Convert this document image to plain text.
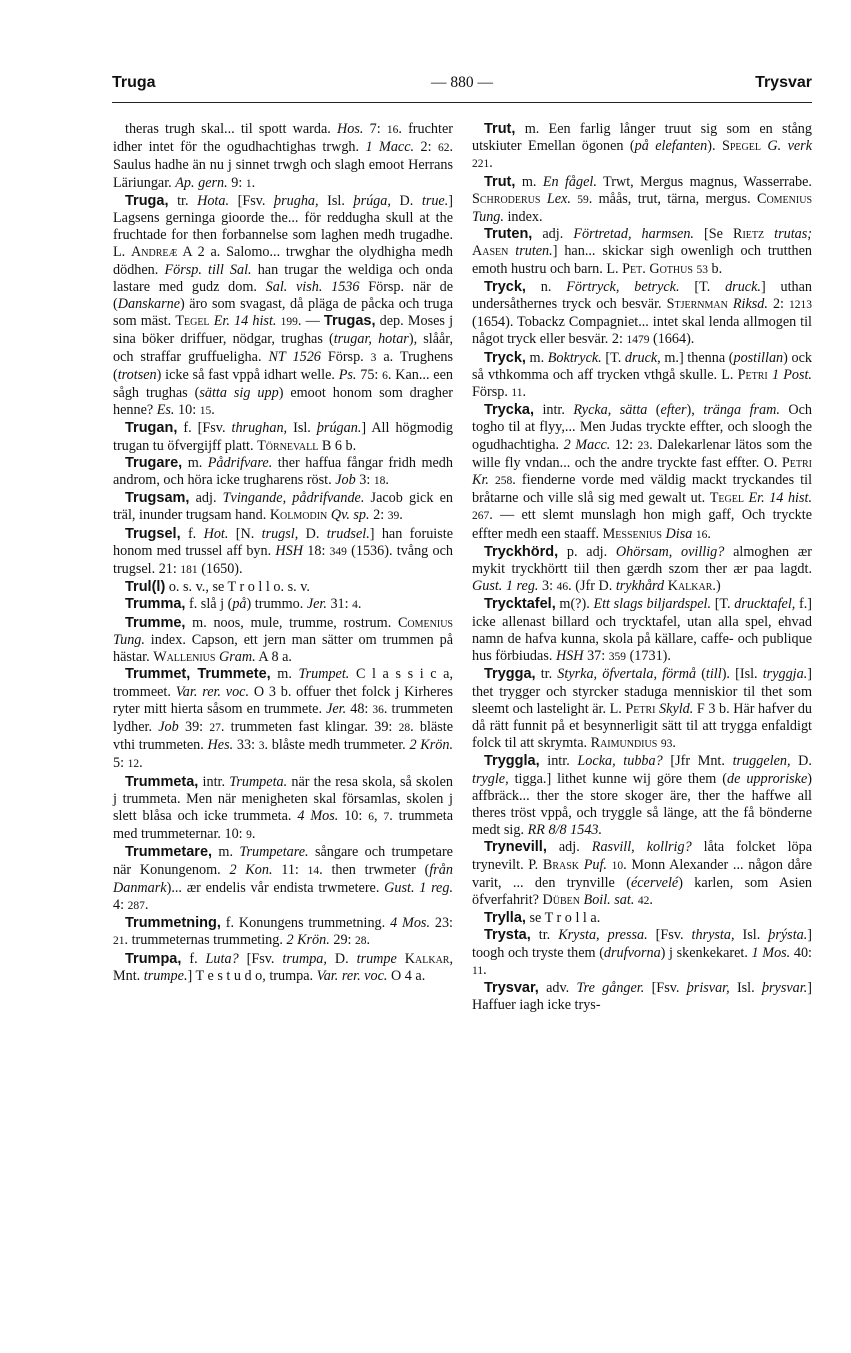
Truga	— 880 —	Trysvar

theras trugh skal... til spott warda. Hos. 7: 16. fruchter idher intet för the ogudhachtighas trwgh. 1 Macc. 2: 62. Saulus hadhe än nu j sinnet trwgh och slagh emoot Herrans Läriungar. Ap. gern. 9: 1.

Truga, tr. Hota. [Fsv. þrugha, Isl. þrúga, D. true.] Lagsens gerninga gioorde the... för reddugha skull at the fruchtade for then forbannelse som laghen medh trugadhe. L. Andreæ A 2 a. Salomo... trwghar the olydhigha medh dödhen. Försp. till Sal. han trugar the weldiga och onda lastare med gudz dom. Sal. vish. 1536 Försp. när de (Danskarne) äro som svagast, då pläga de påcka och truga som mäst. Tegel Er. 14 hist. 199. — Trugas, dep. Moses j sina böker driffuer, nödgar, trughas (trugar, hotar), slåår, och straffar gruffueligha. NT 1526 Försp. 3 a. Trughens (trotsen) icke så fast vppå idhart welle. Ps. 75: 6. Kan... een sågh trughas (sätta sig upp) emoot honom som dragher henne? Es. 10: 15.

Trugan, f. [Fsv. thrughan, Isl. þrúgan.] All högmodig trugan tu öfvergijff platt. Törnevall B 6 b.

Trugare, m. Pådrifvare. ther haffua fångar fridh medh androm, och höra icke trugharens röst. Job 3: 18.

Trugsam, adj. Tvingande, pådrifvande. Jacob gick en träl, inunder trugsam hand. Kolmodin Qv. sp. 2: 39.

Trugsel, f. Hot. [N. trugsl, D. trudsel.] han foruiste honom med trussel aff byn. HSH 18: 349 (1536). tvång och trugsel. 21: 181 (1650).

Trul(l) o. s. v., se T r o l l o. s. v.

Trumma, f. slå j (på) trummo. Jer. 31: 4.

Trumme, m. noos, mule, trumme, rostrum. Comenius Tung. index. Capson, ett jern man sätter om trummen på hästar. Wallenius Gram. A 8 a.

Trummet, Trummete, m. Trumpet. C l a s s i c a, trommeet. Var. rer. voc. O 3 b. offuer thet folck j Kirheres ryter mitt hierta såsom en trummete. Jer. 48: 36. trummeten lydher. Job 39: 27. trummeten fast klingar. 39: 28. bläste vthi trummeten. Hes. 33: 3. blåste medh trummeter. 2 Krön. 5: 12.

Trummeta, intr. Trumpeta. när the resa skola, så skolen j trummeta. Men när menigheten skal församlas, skolen j slett blåsa och icke trummeta. 4 Mos. 10: 6, 7. trummeta med trummeternar. 10: 9.

Trummetare, m. Trumpetare. sångare och trumpetare när Konungenom. 2 Kon. 11: 14. then trwmeter (från Danmark)... ær endelis vår endista trwmetere. Gust. 1 reg. 4: 287.

Trummetning, f. Konungens trummetning. 4 Mos. 23: 21. trummeternas trummeting. 2 Krön. 29: 28.

Trumpa, f. Luta? [Fsv. trumpa, D. trumpe Kalkar, Mnt. trumpe.] T e s t u d o, trumpa. Var. rer. voc. O 4 a.

Trut, m. Een farlig långer truut sig som en stång utskiuter Emellan ögonen (på elefanten). Spegel G. verk 221.

Trut, m. En fågel. Trwt, Mergus magnus, Wasserrabe. Schroderus Lex. 59. måås, trut, tärna, mergus. Comenius Tung. index.

Truten, adj. Förtretad, harmsen. [Se Rietz trutas; Aasen truten.] han... skickar sigh owenligh och trutthen emoth hustru och barn. L. Pet. Gothus 53 b.

Tryck, n. Förtryck, betryck. [T. druck.] uthan undersåthernes tryck och besvär. Stjernman Riksd. 2: 1213 (1654). Tobackz Compagniet... intet skal lenda allmogen til något tryck eller besvär. 2: 1479 (1664).

Tryck, m. Boktryck. [T. druck, m.] thenna (postillan) ock så vthkomma och aff trycken vthgå skulle. L. Petri 1 Post. Försp. 11.

Trycka, intr. Rycka, sätta (efter), tränga fram. Och togho til at flyy,... Men Judas tryckte effter, och sloogh the ogudhachtigha. 2 Macc. 12: 23. Dalekarlenar lätos som the wille fly vndan... och the andre tryckte fast effter. O. Petri Kr. 258. fienderne vorde med väldig mackt tryckandes til bråtarne och ville slå sig med gewalt ut. Tegel Er. 14 hist. 267. — ett slemt munslagh hon migh gaff, Och tryckte effter medh een staaff. Messenius Disa 16.

Tryckhörd, p. adj. Ohörsam, ovillig? almoghen ær mykit tryckhörtt tiil then gærdh szom ther ær paa lagdt. Gust. 1 reg. 3: 46. (Jfr D. trykhård Kalkar.)

Trycktafel, m(?). Ett slags biljardspel. [T. drucktafel, f.] icke allenast billard och trycktafel, utan alla spel, ehvad namn de hafva kunna, skola på källare, caffe- och publique hus förbiudas. HSH 37: 359 (1731).

Trygga, tr. Styrka, öfvertala, förmå (till). [Isl. tryggja.] thet trygger och styrcker staduga menniskior til thet som sleemt och lastelight är. L. Petri Skyld. F 3 b. Här hafver du då rätt funnit på et besynnerligit sätt til att trygga enfaldigt folck til att skrymta. Raimundius 93.

Tryggla, intr. Locka, tubba? [Jfr Mnt. truggelen, D. trygle, tigga.] lithet kunne wij göre them (de upproriske) affbräck... ther the store skoger äre, ther the haffwe all theres tröst vppå, och tryggle så länge, att the få bönderne medt sig. RR 8/8 1543.

Trynevill, adj. Rasvill, kollrig? låta folcket löpa trynevilt. P. Brask Puf. 10. Monn Alexander ... någon dåre varit, ... den trynville (écervelé) karlen, som Asien öfverfahrit? Düben Boil. sat. 42.

Trylla, se T r o l l a.

Trysta, tr. Krysta, pressa. [Fsv. thrysta, Isl. þrýsta.] toogh och tryste them (drufvorna) j skenkekaret. 1 Mos. 40: 11.

Trysvar, adv. Tre gånger. [Fsv. þrisvar, Isl. þrysvar.] Haffuer iagh icke trys-
